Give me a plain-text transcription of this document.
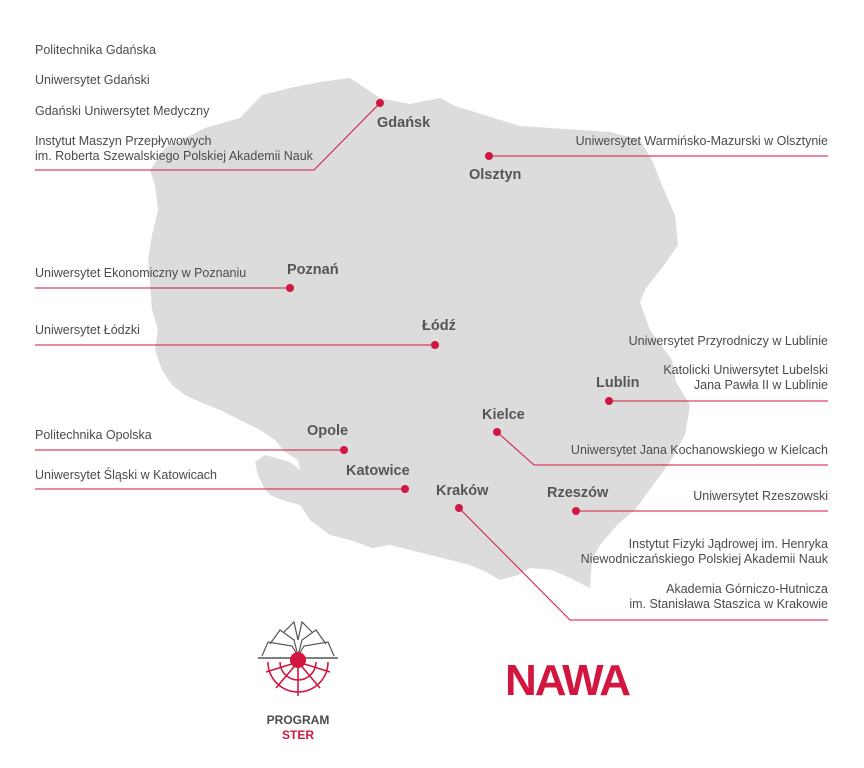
NAWA
Gdańsk
Olsztyn
Poznań
Łódź
Lublin
Kielce
Opole
Katowice
Kraków	Rzeszów
Politechnika Gdańska
Uniwersytet Gdański
Gdański Uniwersytet Medyczny
Instytut Maszyn Przepływowych
im. Roberta Szewalskiego Polskiej Akademii Nauk
Uniwersytet Ekonomiczny w Poznaniu
Uniwersytet Łódzki
Politechnika Opolska
Uniwersytet Śląski w Katowicach
Uniwersytet Warmińsko-Mazurski w Olsztynie
Uniwersytet Przyrodniczy w Lublinie
Katolicki Uniwersytet Lubelski
Jana Pawła II w Lublinie
Uniwersytet Jana Kochanowskiego w Kielcach
Uniwersytet Rzeszowski
Instytut Fizyki Jądrowej im. Henryka
Niewodniczańskiego Polskiej Akademii Nauk
Akademia Górniczo-Hutnicza
im. Stanisława Staszica w Krakowie
PROGRAM
STER
